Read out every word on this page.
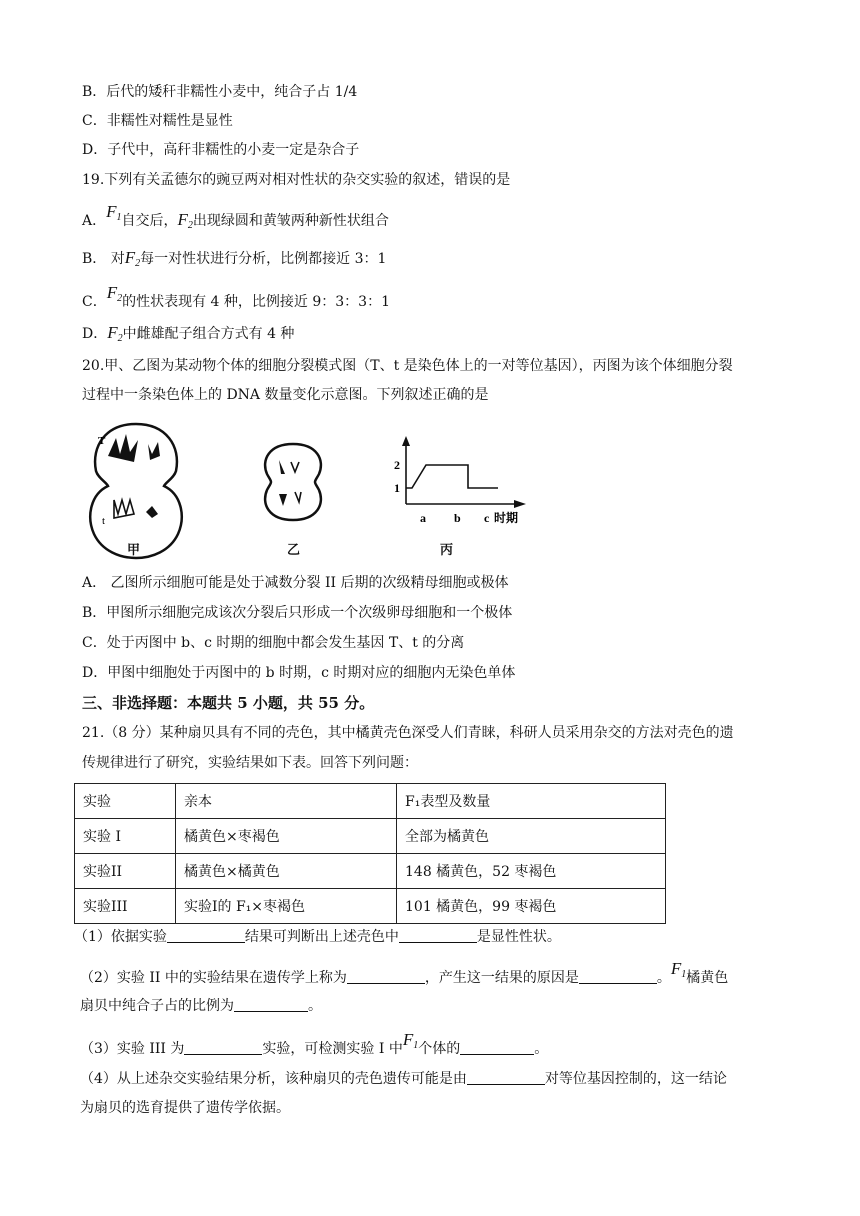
B．后代的矮秆非糯性小麦中，纯合子占 1/4
C．非糯性对糯性是显性
D．子代中，高秆非糯性的小麦一定是杂合子
19.下列有关孟德尔的豌豆两对相对性状的杂交实验的叙述，错误的是
A．$F_1$自交后，$F_2$出现绿圆和黄皱两种新性状组合
B． 对$F_2$每一对性状进行分析，比例都接近 3：1
C．$F_2$的性状表现有 4 种，比例接近 9：3：3：1
D．$F_2$中雌雄配子组合方式有 4 种
20.甲、乙图为某动物个体的细胞分裂模式图（T、t 是染色体上的一对等位基因），丙图为该个体细胞分裂
过程中一条染色体上的 DNA 数量变化示意图。下列叙述正确的是
T
t
甲	乙
2
1
a b c 时期
丙
A． 乙图所示细胞可能是处于减数分裂 II 后期的次级精母细胞或极体
B．甲图所示细胞完成该次分裂后只形成一个次级卵母细胞和一个极体
C．处于丙图中 b、c 时期的细胞中都会发生基因 T、t 的分离
D．甲图中细胞处于丙图中的 b 时期，c 时期对应的细胞内无染色单体
三、非选择题：本题共 5 小题，共 55 分。
21.（8 分）某种扇贝具有不同的壳色，其中橘黄壳色深受人们青睐，科研人员采用杂交的方法对壳色的遗
传规律进行了研究，实验结果如下表。回答下列问题：
实验	亲本	F₁表型及数量
实验 I	橘黄色×枣褐色	全部为橘黄色
实验II	橘黄色×橘黄色	148 橘黄色，52 枣褐色
实验III	实验I的 F₁×枣褐色	101 橘黄色，99 枣褐色
（1）依据实验	结果可判断出上述壳色中	是显性性状。
（2）实验 II 中的实验结果在遗传学上称为	，产生这一结果的原因是	。$F_1$橘黄色
扇贝中纯合子占的比例为	。
（3）实验 III 为	实验，可检测实验 I 中$F_1$个体的	。
（4）从上述杂交实验结果分析，该种扇贝的壳色遗传可能是由	对等位基因控制的，这一结论
为扇贝的选育提供了遗传学依据。
